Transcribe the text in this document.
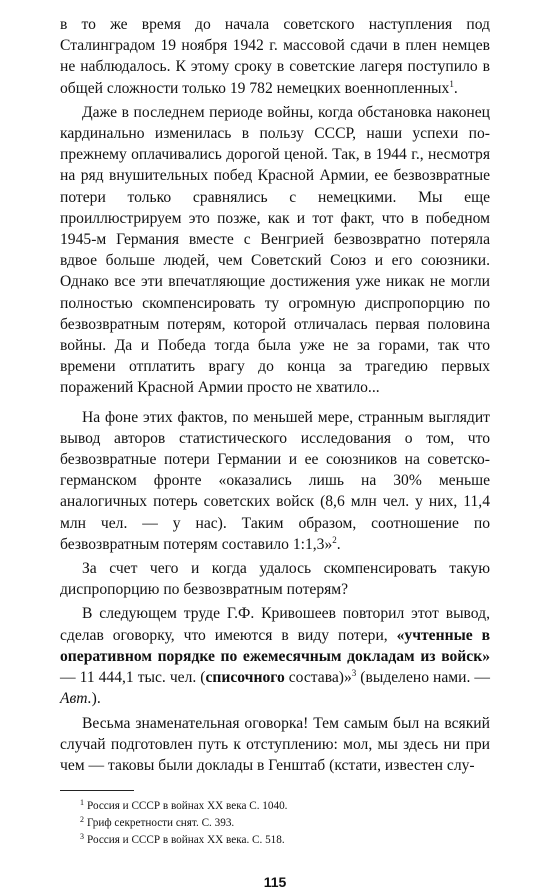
в то же время до начала советского наступления под Сталинградом 19 ноября 1942 г. массовой сдачи в плен немцев не наблюдалось. К этому сроку в советские лагеря поступило в общей сложности только 19 782 немецких военнопленных$^1$.

Даже в последнем периоде войны, когда обстановка наконец кардинально изменилась в пользу СССР, наши успехи по-прежнему оплачивались дорогой ценой. Так, в 1944 г., несмотря на ряд внушительных побед Красной Армии, ее безвозвратные потери только сравнялись с немецкими. Мы еще проиллюстрируем это позже, как и тот факт, что в победном 1945-м Германия вместе с Венгрией безвозвратно потеряла вдвое больше людей, чем Советский Союз и его союзники. Однако все эти впечатляющие достижения уже никак не могли полностью скомпенсировать ту огромную диспропорцию по безвозвратным потерям, которой отличалась первая половина войны. Да и Победа тогда была уже не за горами, так что времени отплатить врагу до конца за трагедию первых поражений Красной Армии просто не хватило...

На фоне этих фактов, по меньшей мере, странным выглядит вывод авторов статистического исследования о том, что безвозвратные потери Германии и ее союзников на советско-германском фронте «оказались лишь на 30% меньше аналогичных потерь советских войск (8,6 млн чел. у них, 11,4 млн чел. — у нас). Таким образом, соотношение по безвозвратным потерям составило 1:1,3»$^2$.

За счет чего и когда удалось скомпенсировать такую диспропорцию по безвозвратным потерям?

В следующем труде Г.Ф. Кривошеев повторил этот вывод, сделав оговорку, что имеются в виду потери, «учтенные в оперативном порядке по ежемесячным докладам из войск» — 11 444,1 тыс. чел. (списочного состава)»$^3$ (выделено нами. — Авт.).

Весьма знаменательная оговорка! Тем самым был на всякий случай подготовлен путь к отступлению: мол, мы здесь ни при чем — таковы были доклады в Генштаб (кстати, известен слу-

$^1$ Россия и СССР в войнах XX века С. 1040.

$^2$ Гриф секретности снят. С. 393.

$^3$ Россия и СССР в войнах XX века. С. 518.

115
